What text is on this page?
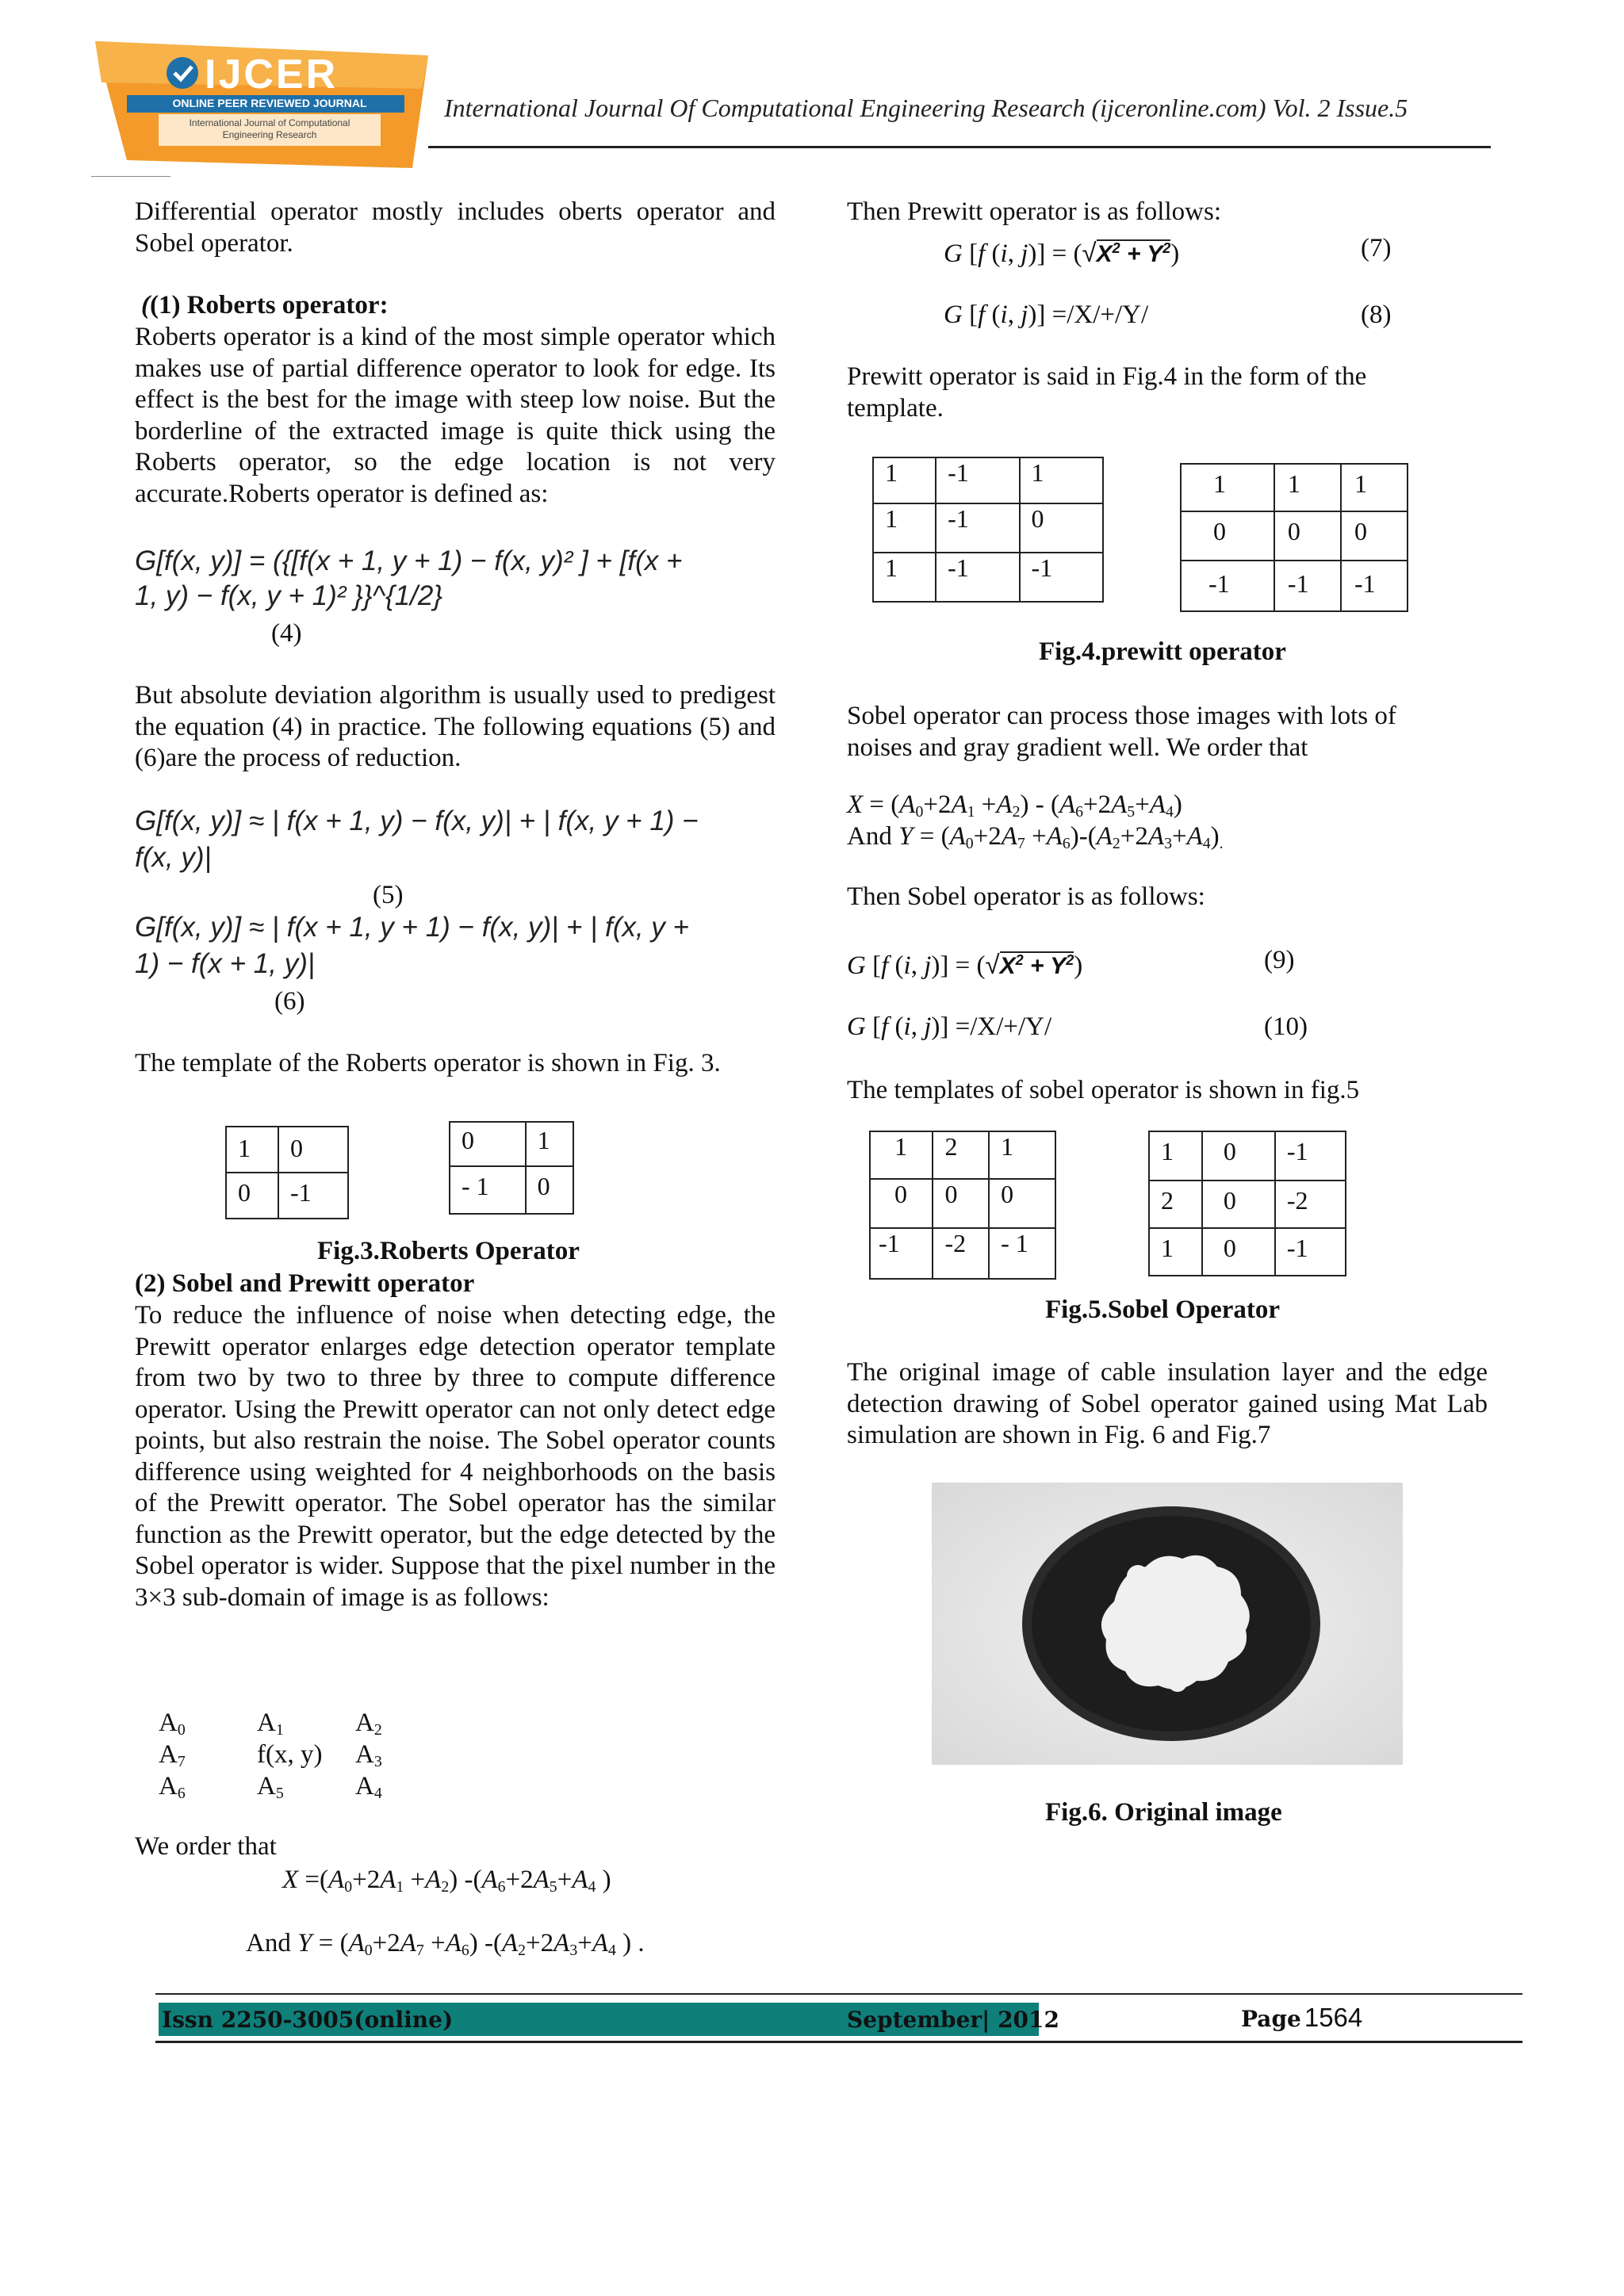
IJCER
ONLINE PEER REVIEWED JOURNAL
International Journal of Computational Engineering Research
International Journal Of Computational Engineering Research (ijceronline.com) Vol. 2 Issue.5

Differential operator mostly includes oberts operator and Sobel operator.

((1) Roberts operator:

Roberts operator is a kind of the most simple operator which makes use of partial difference operator to look for edge. Its effect is the best for the image with steep low noise. But the borderline of the extracted image is quite thick using the Roberts operator, so the edge location is not very accurate.Roberts operator is defined as:

G[f(x, y)] = ({[f(x + 1, y + 1) − f(x, y)² ] + [f(x +
1, y) − f(x, y + 1)² }}^{1/2}
(4)

But absolute deviation algorithm is usually used to predigest the equation (4) in practice. The following equations (5) and (6)are the process of reduction.

G[f(x, y)] ≈ | f(x + 1, y) − f(x, y)| + | f(x, y + 1) −
f(x, y)|
(5)
G[f(x, y)] ≈ | f(x + 1, y + 1) − f(x, y)| + | f(x, y +
1) − f(x + 1, y)|
(6)

The template of the Roberts operator is shown in Fig. 3.

1	0
0	-1
0	1
- 1	0
Fig.3.Roberts Operator
(2) Sobel and Prewitt operator

To reduce the influence of noise when detecting edge, the Prewitt operator enlarges edge detection operator template from two by two to three by three to compute difference operator. Using the Prewitt operator can not only detect edge points, but also restrain the noise. The Sobel operator counts difference using weighted for 4 neighborhoods on the basis of the Prewitt operator. The Sobel operator has the similar function as the Prewitt operator, but the edge detected by the Sobel operator is wider. Suppose that the pixel number in the 3×3 sub-domain of image is as follows:

$A_0$	$A_1$	$A_2$
$A_7$	f(x, y) $A_3$
$A_6$	$A_5$	$A_4$
We order that
$X =(A_0+2A_1 +A_2)$ $-(A_6+2A_5+A_4$ )
And $Y = (A_0+2A_7 +A_6)$ $-(A_2+2A_3+A_4$ ) .
Then Prewitt operator is as follows:
G [f (i, $j)] = (√X^2 + Y^2)$	(7)
G [f (i, j)] =/X/+/Y/	(8)

Prewitt operator is said in Fig.4 in the form of the template.

1	-1	1
1	-1	0
1	-1	-1
1	1	1
0	0	0
-1	-1	-1
Fig.4.prewitt operator

Sobel operator can process those images with lots of noises and gray gradient well. We order that

$X = (A_0+2A_1 +A_2) - (A_6+2A_5+A_4)$
And $Y = (A_0+2A_7 +A_6)-(A_2+2A_3+A_4)_.$
Then Sobel operator is as follows:
G [f (i, $j)] = (√X^2 + Y^2)$	(9)
G [f (i, j)] =/X/+/Y/	(10)
The templates of sobel operator is shown in fig.5
1	2	1
0	0	0
-1	-2	- 1
1	0	-1
2	0	-2
1	0	-1
Fig.5.Sobel Operator

The original image of cable insulation layer and the edge detection drawing of Sobel operator gained using Mat Lab simulation are shown in Fig. 6 and Fig.7

Fig.6. Original image
Issn 2250-3005(online)	September| 2012	Page 1564
